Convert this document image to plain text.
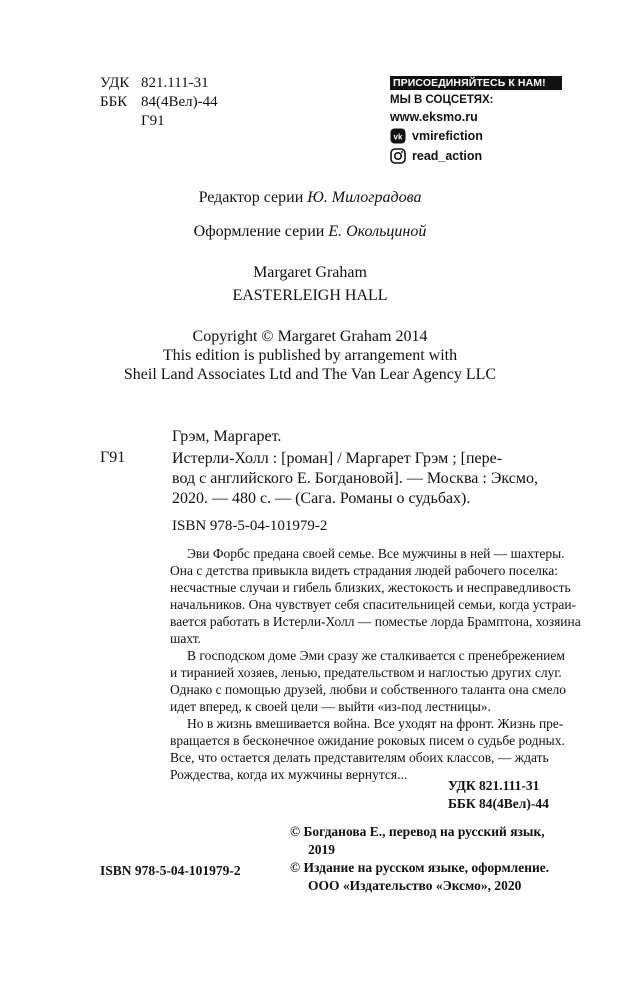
УДК 821.111-31
ББК 84(4Вел)-44
Г91
ПРИСОЕДИНЯЙТЕСЬ К НАМ!
МЫ В СОЦСЕТЯХ:
www.eksmo.ru
vk vmirefiction
read_action
Редактор серии Ю. Милоградова
Оформление серии Е. Окольциной
Margaret Graham
EASTERLEIGH HALL
Copyright © Margaret Graham 2014
This edition is published by arrangement with
Sheil Land Associates Ltd and The Van Lear Agency LLC
Грэм, Маргарет.
Г91	Истерли-Холл : [роман] / Маргарет Грэм ; [пере-
вод с английского Е. Богдановой]. — Москва : Эксмо,
2020. — 480 с. — (Сага. Романы о судьбах).
ISBN 978-5-04-101979-2

Эви Форбс предана своей семье. Все мужчины в ней — шахтеры.
Она с детства привыкла видеть страдания людей рабочего поселка:
несчастные случаи и гибель близких, жестокость и несправедливость
начальников. Она чувствует себя спасительницей семьи, когда устраи-
вается работать в Истерли-Холл — поместье лорда Брамптона, хозяина
шахт.

В господском доме Эми сразу же сталкивается с пренебрежением
и тиранией хозяев, ленью, предательством и наглостью других слуг.
Однако с помощью друзей, любви и собственного таланта она смело
идет вперед, к своей цели — выйти «из-под лестницы».

Но в жизнь вмешивается война. Все уходят на фронт. Жизнь пре-
вращается в бесконечное ожидание роковых писем о судьбе родных.
Все, что остается делать представителям обоих классов, — ждать
Рождества, когда их мужчины вернутся...

УДК 821.111-31
ББК 84(4Вел)-44
© Богданова Е., перевод на русский язык,
2019
© Издание на русском языке, оформление.
ООО «Издательство «Эксмо», 2020
ISBN 978-5-04-101979-2
